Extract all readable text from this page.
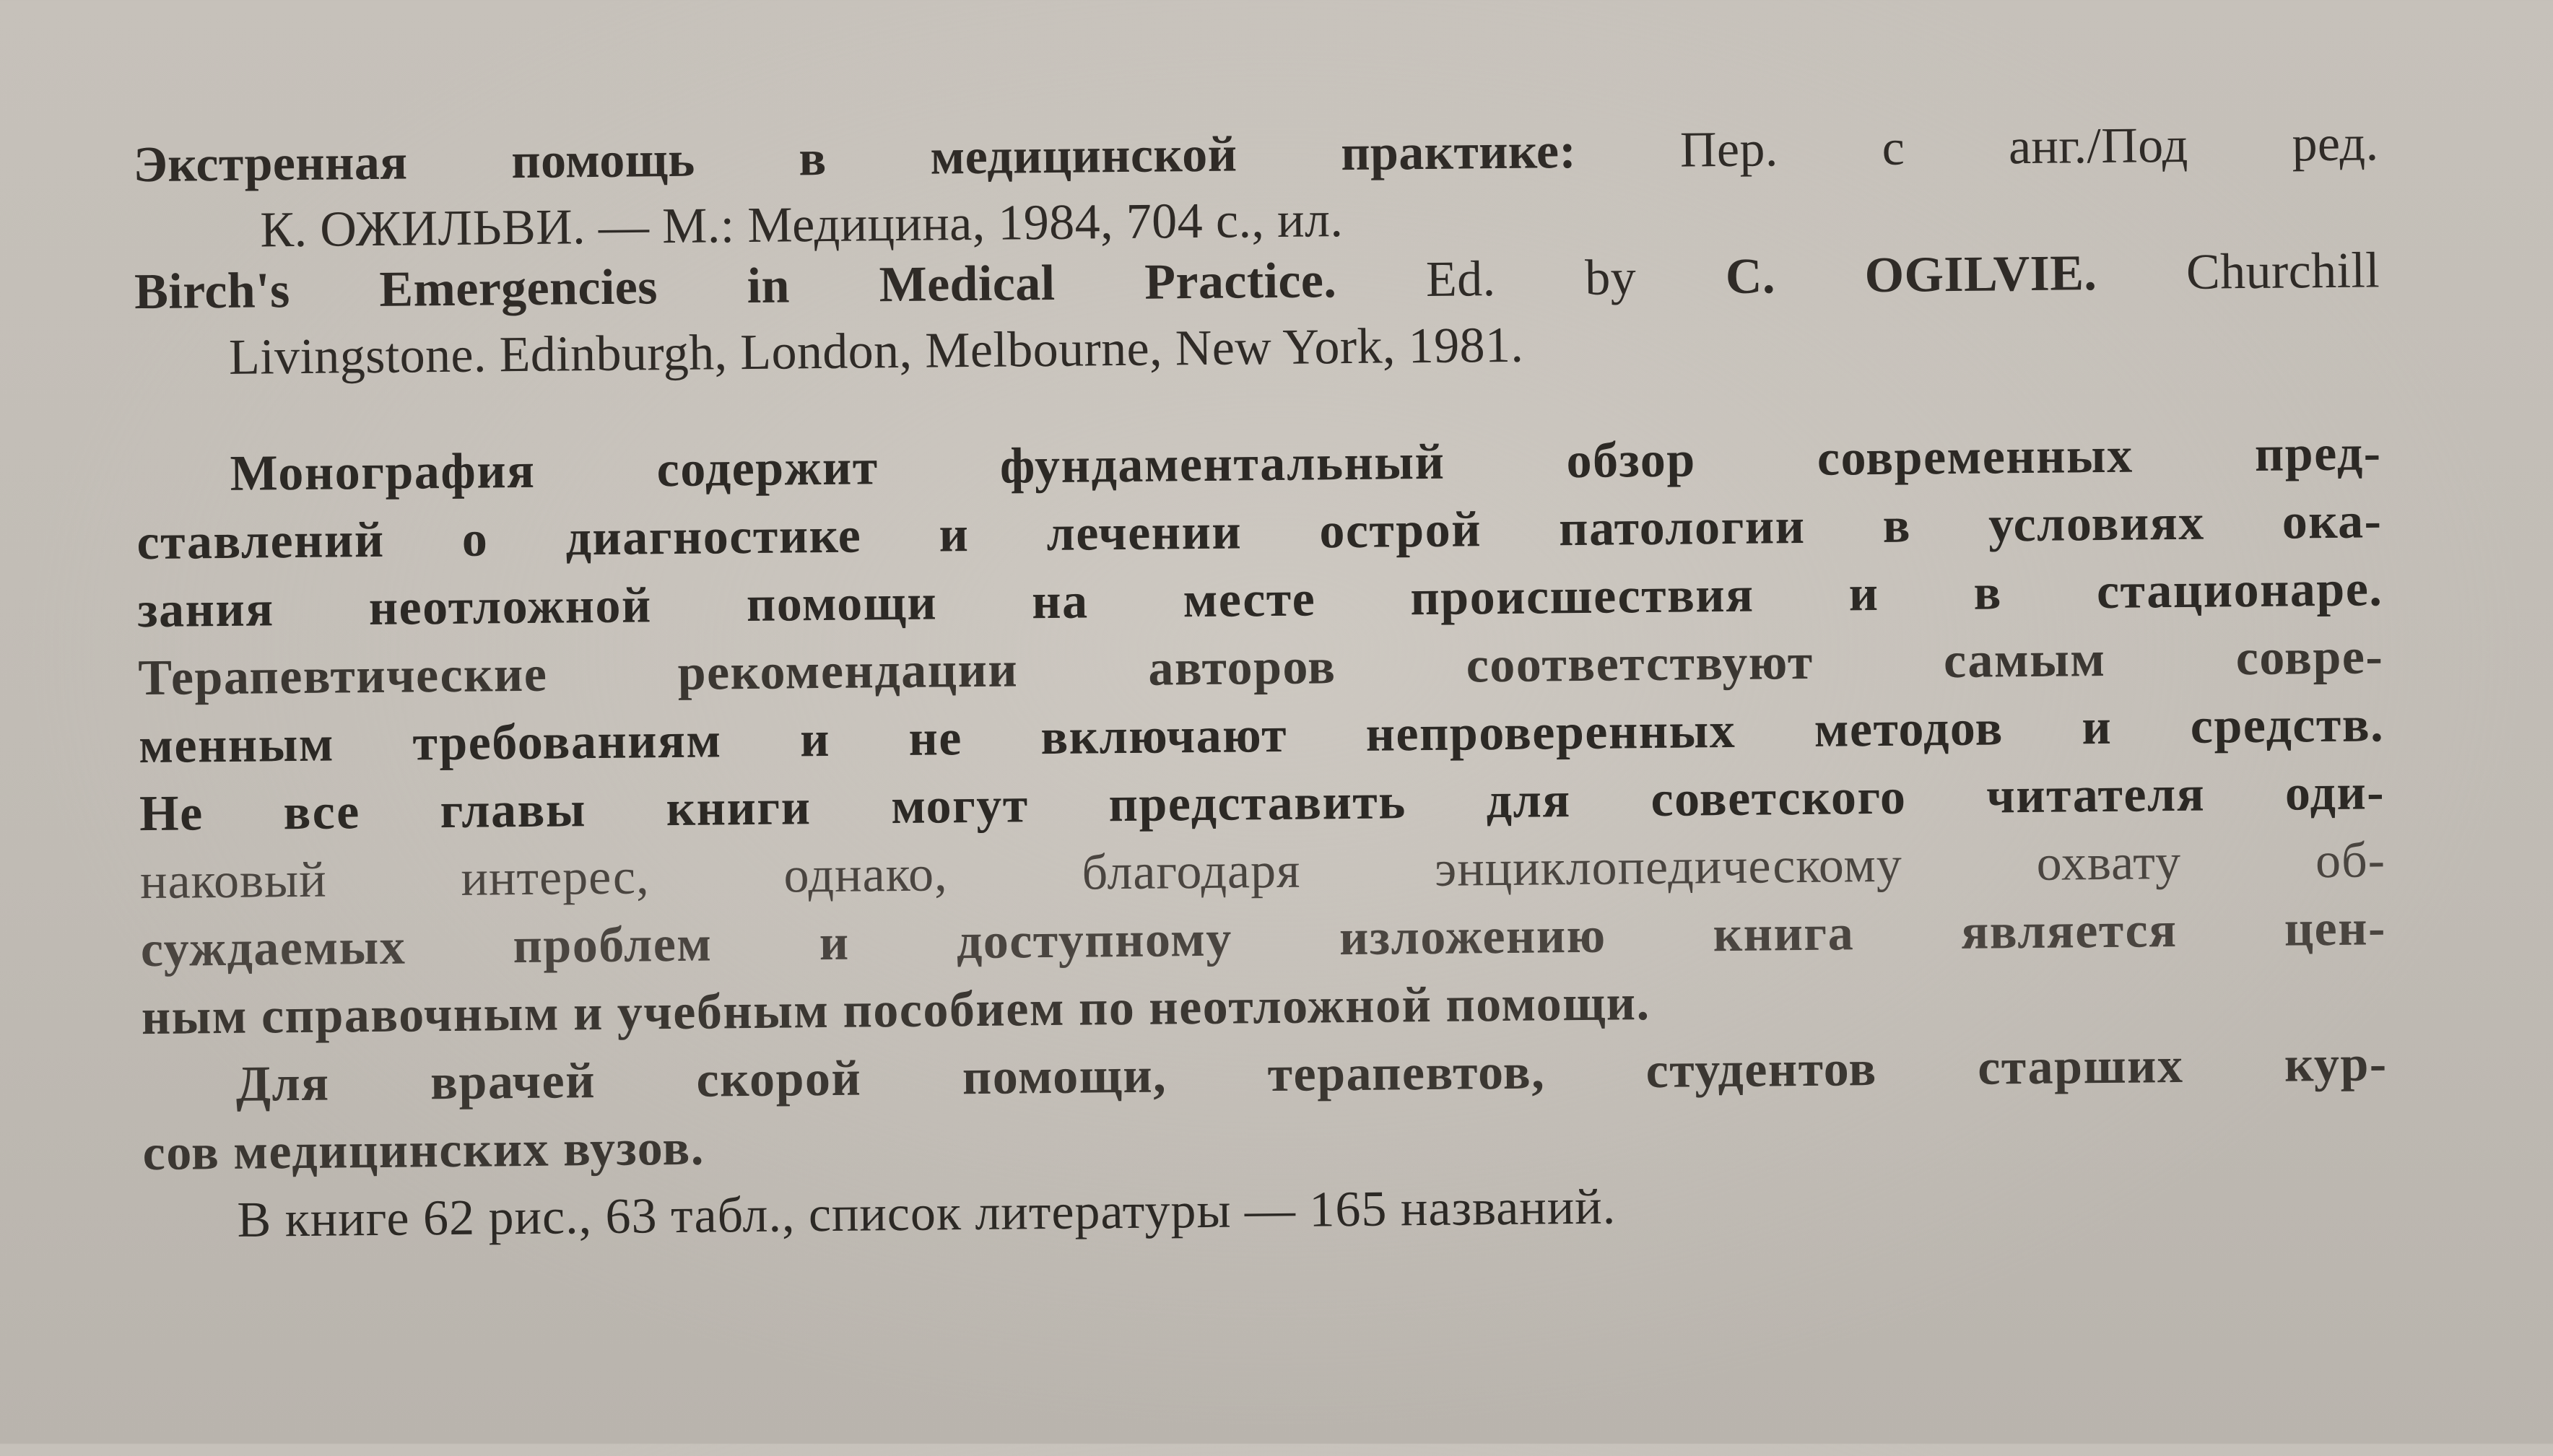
Экстренная помощь в медицинской практике: Пер. с анг./Под ред.
К. ОЖИЛЬВИ. — М.: Медицина, 1984, 704 с., ил.
Birch's Emergencies in Medical Practice. Ed. by C. OGILVIE. Churchill
Livingstone. Edinburgh, London, Melbourne, New York, 1981.
Монография содержит фундаментальный обзор современных пред-
ставлений о диагностике и лечении острой патологии в условиях ока-
зания неотложной помощи на месте происшествия и в стационаре.
Терапевтические рекомендации авторов соответствуют самым совре-
менным требованиям и не включают непроверенных методов и средств.
Не все главы книги могут представить для советского читателя оди-
наковый интерес, однако, благодаря энциклопедическому охвату об-
суждаемых проблем и доступному изложению книга является цен-
ным справочным и учебным пособием по неотложной помощи.
Для врачей скорой помощи, терапевтов, студентов старших кур-
сов медицинских вузов.
В книге 62 рис., 63 табл., список литературы — 165 названий.
